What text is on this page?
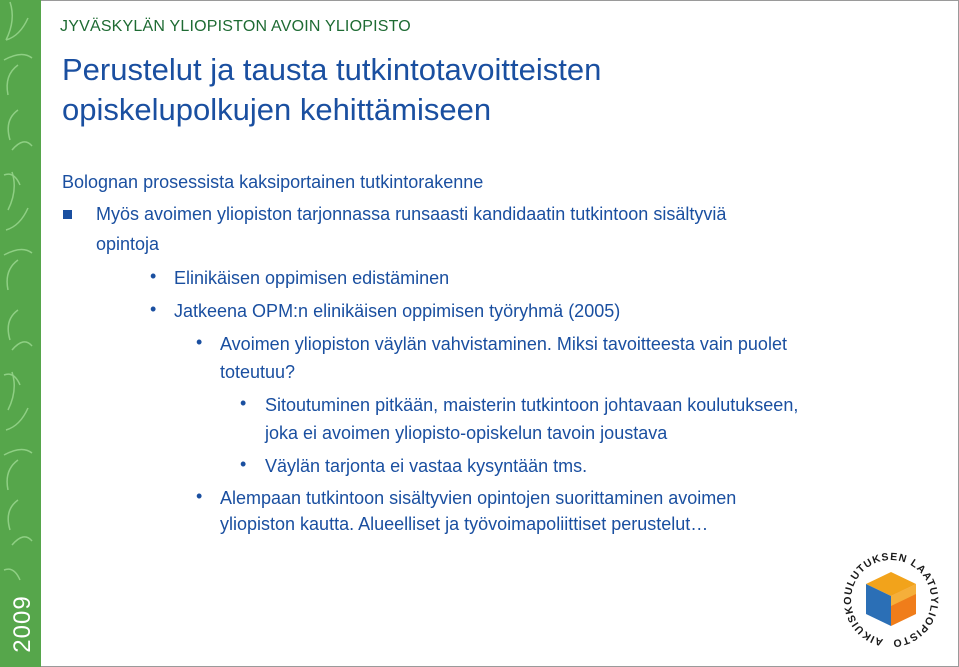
2009
JYVÄSKYLÄN YLIOPISTON AVOIN YLIOPISTO
Perustelut ja tausta tutkintotavoitteisten
opiskelupolkujen kehittämiseen
Bolognan prosessista kaksiportainen tutkintorakenne
Myös avoimen yliopiston tarjonnassa runsaasti kandidaatin tutkintoon sisältyviä
opintoja
• Elinikäisen oppimisen edistäminen
• Jatkeena OPM:n elinikäisen oppimisen työryhmä (2005)
• Avoimen yliopiston väylän vahvistaminen. Miksi tavoitteesta vain puolet
toteutuu?
• Sitoutuminen pitkään, maisterin tutkintoon johtavaan koulutukseen,
joka ei avoimen yliopisto-opiskelun tavoin joustava
• Väylän tarjonta ei vastaa kysyntään tms.
• Alempaan tutkintoon sisältyvien opintojen suorittaminen avoimen
yliopiston kautta. Alueelliset ja työvoimapoliittiset perustelut…
AIKUISKOULUTUKSEN LAATUYLIOPISTO
